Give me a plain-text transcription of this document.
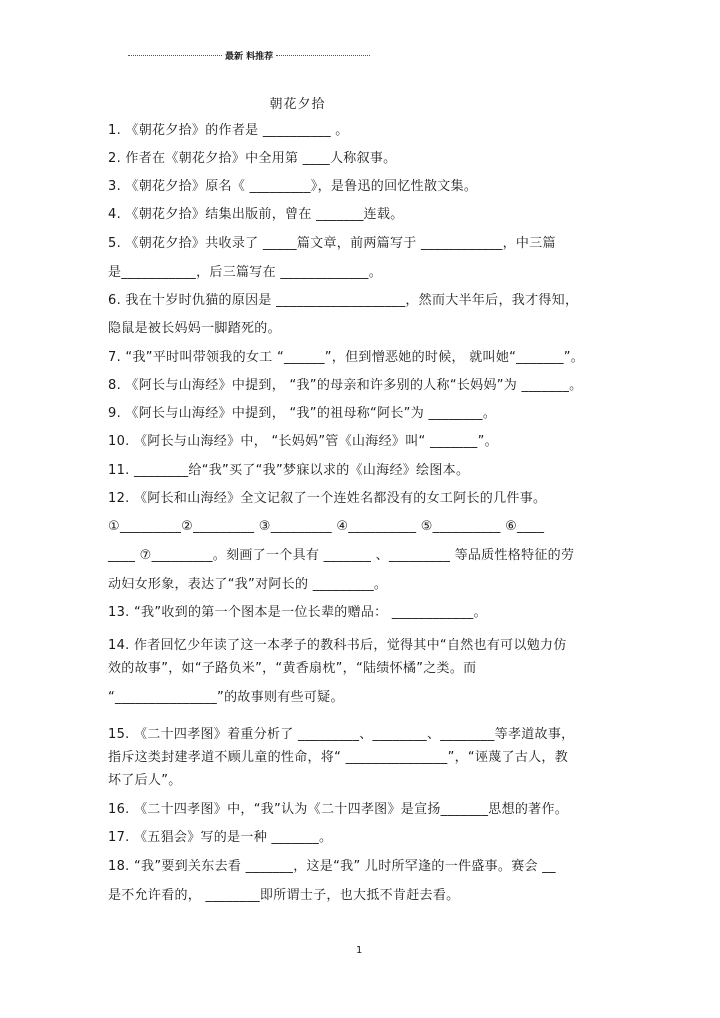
最新 料推荐
朝花夕拾
1. 《朝花夕拾》的作者是 __________ 。
2. 作者在《朝花夕拾》中全用第 ____人称叙事。
3. 《朝花夕拾》原名《 _________》，是鲁迅的回忆性散文集。
4. 《朝花夕拾》结集出版前，曾在 _______连载。
5. 《朝花夕拾》共收录了 _____篇文章，前两篇写于 ____________，中三篇
是___________，后三篇写在 _____________。
6. 我在十岁时仇猫的原因是 ___________________，然而大半年后，我才得知，
隐鼠是被长妈妈一脚踏死的。
7. “我”平时叫带领我的女工 “______”，但到憎恶她的时候， 就叫她“_______”。
8. 《阿长与山海经》中提到， “我”的母亲和许多别的人称“长妈妈”为 _______。
9. 《阿长与山海经》中提到， “我”的祖母称“阿长”为 ________。
10. 《阿长与山海经》中， “长妈妈”管《山海经》叫“ _______”。
11. ________给“我”买了“我”梦寐以求的《山海经》绘图本。
12. 《阿长和山海经》全文记叙了一个连姓名都没有的女工阿长的几件事。
①_________②_________ ③_________ ④__________ ⑤__________ ⑥____
____ ⑦_________。刻画了一个具有 _______ 、_________ 等品质性格特征的劳
动妇女形象，表达了“我”对阿长的 _________。
13. “我”收到的第一个图本是一位长辈的赠品： ____________。
14. 作者回忆少年读了这一本孝子的教科书后，觉得其中“自然也有可以勉力仿
效的故事”，如“子路负米”，“黄香扇枕”，“陆绩怀橘”之类。而
“_______________”的故事则有些可疑。
15. 《二十四孝图》着重分析了 _________、________、________等孝道故事，
指斥这类封建孝道不顾儿童的性命，将“ _______________”，“诬蔑了古人，教
坏了后人”。
16. 《二十四孝图》中，“我”认为《二十四孝图》是宣扬_______思想的著作。
17. 《五猖会》写的是一种 _______。
18. “我”要到关东去看 _______，这是“我” 儿时所罕逢的一件盛事。赛会 __
是不允许看的， ________即所谓士子，也大抵不肯赶去看。
1
